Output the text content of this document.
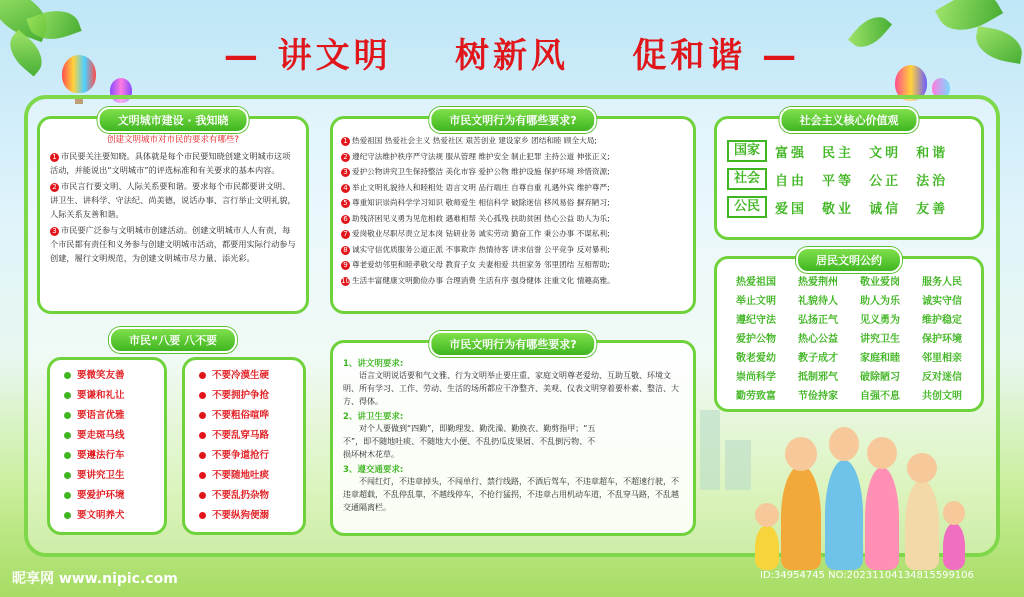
— 讲文明    树新风    促和谐 —
文明城市建设 · 我知晓
创建文明城市对市民的要求有哪些?
1 市民要关注要知晓。具体就是每个市民要知晓创建文明城市这项活动，并能说出“文明城市”的评选标准和有关要求的基本内容。
2 市民言行要文明、人际关系要和谐。要求每个市民都要讲文明、讲卫生、讲科学、守法纪、尚美德，说话办事、言行举止文明礼貌，人际关系友善和谐。
3 市民要广泛参与文明城市创建活动。创建文明城市人人有责，每个市民都有责任和义务参与创建文明城市活动，都要用实际行动参与创建，履行文明规范，为创建文明城市尽力量、添光彩。
市民文明行为有哪些要求?
1 热爱祖国 热爱社会主义 热爱社区 艰苦创业 建设家乡 团结和睦 顾全大局;
2 遵纪守法维护秩序严守法规 服从管理 维护安全 制止犯罪 主持公道 伸张正义;
3 爱护公物讲究卫生保持整洁 美化市容 爱护公物 维护设施 保护环境 珍惜资源;
4 举止文明礼貌待人和睦相处 语言文明 品行端庄 自尊自重 礼遇外宾 维护尊严;
5 尊重知识崇尚科学学习知识 敬师爱生 相信科学 破除迷信 移风易俗 摒弃陋习;
6 助残济困见义勇为见危相救 遇难相帮 关心孤残 扶助贫困 热心公益 助人为乐;
7 爱岗敬业尽职尽责立足本岗 钻研业务 诚实劳动 勤奋工作 秉公办事 不谋私利;
8 诚实守信优质服务公道正派 不事欺诈 热情待客 讲求信誉 公平竞争 反对暴利;
9 尊老爱幼邻里和睦孝敬父母 教育子女 夫妻相爱 共担家务 邻里团结 互相帮助;
10 生活丰富健康文明勤俭办事 合理消费 生活有序 强身健体 注重文化 情趣高雅。
社会主义核心价值观
国家	富强  民主  文明  和谐
社会	自由  平等  公正  法治
公民	爱国  敬业  诚信  友善
市民“八要 八不要
要微笑友善
要谦和礼让
要语言优雅
要走斑马线
要遵法行车
要讲究卫生
要爱护环境
要文明养犬
不要冷漠生硬
不要拥护争抢
不要粗俗喧哗
不要乱穿马路
不要争道抢行
不要随地吐痰
不要乱扔杂物
不要纵狗便溺
市民文明行为有哪些要求?
1、讲文明要求:
语言文明说话要和气文雅、行为文明举止要庄重、家庭文明尊老爱幼、互助互敬、环境文明、所有学习、工作、劳动、生活的场所都应干净整齐、美观、仪表文明穿着要朴素、整洁、大方、得体。
2、讲卫生要求:
对个人要做到“四勤”，即勤理发、勤洗澡、勤换衣、勤剪指甲；“五不”，即不随地吐痰、不随地大小便、不乱扔瓜皮果屑、不乱倒污物、不损坏树木花草。
3、遵交通要求:
不闯红灯，不违章掉头，不闯单行、禁行线路，不酒后驾车，不违章超车，不超速行驶，不违章超载，不乱停乱靠，不越线停车，不抢行猛拐，不违章占用机动车道，不乱穿马路，不乱越交通隔离栏。
居民文明公约
热爱祖国	热爱荆州	敬业爱岗	服务人民
举止文明	礼貌待人	助人为乐	诚实守信
遵纪守法	弘扬正气	见义勇为	维护稳定
爱护公物	热心公益	讲究卫生	保护环境
敬老爱幼	教子成才	家庭和睦	邻里相亲
崇尚科学	抵制邪气	破除陋习	反对迷信
勤劳致富	节俭持家	自强不息	共创文明
昵享网 www.nipic.com	ID:34954745 NO:20231104134815599106
